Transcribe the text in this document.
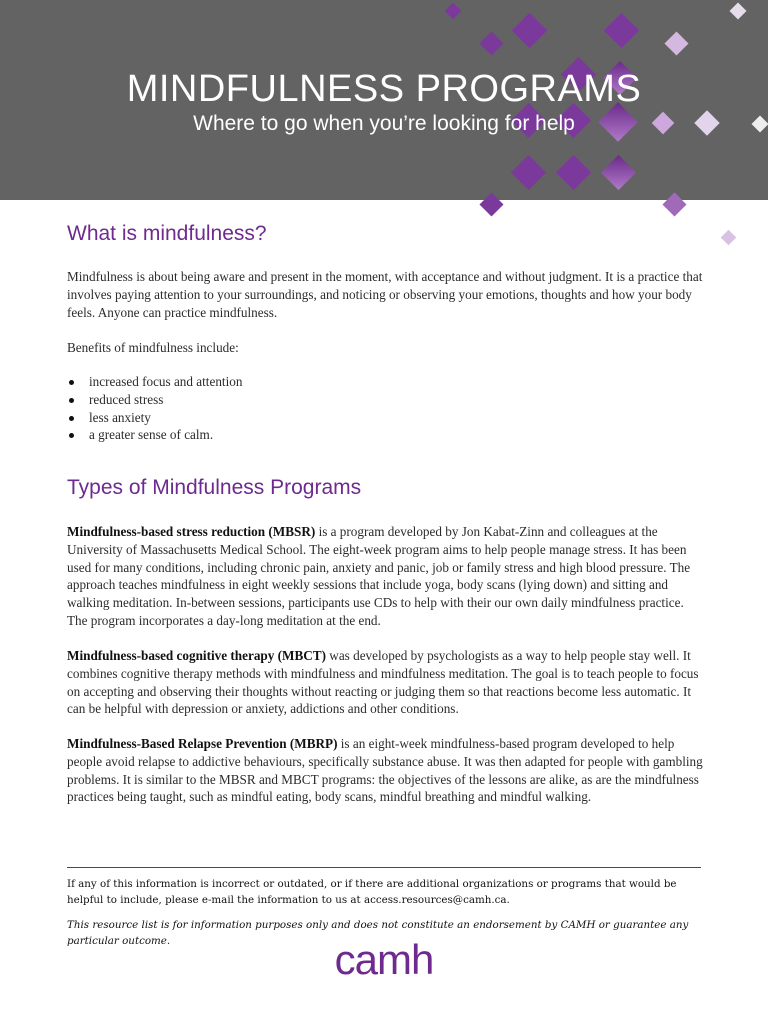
MINDFULNESS PROGRAMS
Where to go when you’re looking for help
What is mindfulness?
Mindfulness is about being aware and present in the moment, with acceptance and without judgment. It is a practice that involves paying attention to your surroundings, and noticing or observing your emotions, thoughts and how your body feels. Anyone can practice mindfulness.
Benefits of mindfulness include:
increased focus and attention
reduced stress
less anxiety
a greater sense of calm.
Types of Mindfulness Programs
Mindfulness-based stress reduction (MBSR) is a program developed by Jon Kabat-Zinn and colleagues at the University of Massachusetts Medical School. The eight-week program aims to help people manage stress. It has been used for many conditions, including chronic pain, anxiety and panic, job or family stress and high blood pressure. The approach teaches mindfulness in eight weekly sessions that include yoga, body scans (lying down) and sitting and walking meditation. In-between sessions, participants use CDs to help with their our own daily mindfulness practice. The program incorporates a day-long meditation at the end.
Mindfulness-based cognitive therapy (MBCT) was developed by psychologists as a way to help people stay well. It combines cognitive therapy methods with mindfulness and mindfulness meditation. The goal is to teach people to focus on accepting and observing their thoughts without reacting or judging them so that reactions become less automatic. It can be helpful with depression or anxiety, addictions and other conditions.
Mindfulness-Based Relapse Prevention (MBRP) is an eight-week mindfulness-based program developed to help people avoid relapse to addictive behaviours, specifically substance abuse. It was then adapted for people with gambling problems. It is similar to the MBSR and MBCT programs: the objectives of the lessons are alike, as are the mindfulness practices being taught, such as mindful eating, body scans, mindful breathing and mindful walking.
If any of this information is incorrect or outdated, or if there are additional organizations or programs that would be helpful to include, please e-mail the information to us at access.resources@camh.ca.
This resource list is for information purposes only and does not constitute an endorsement by CAMH or guarantee any particular outcome.	camh
